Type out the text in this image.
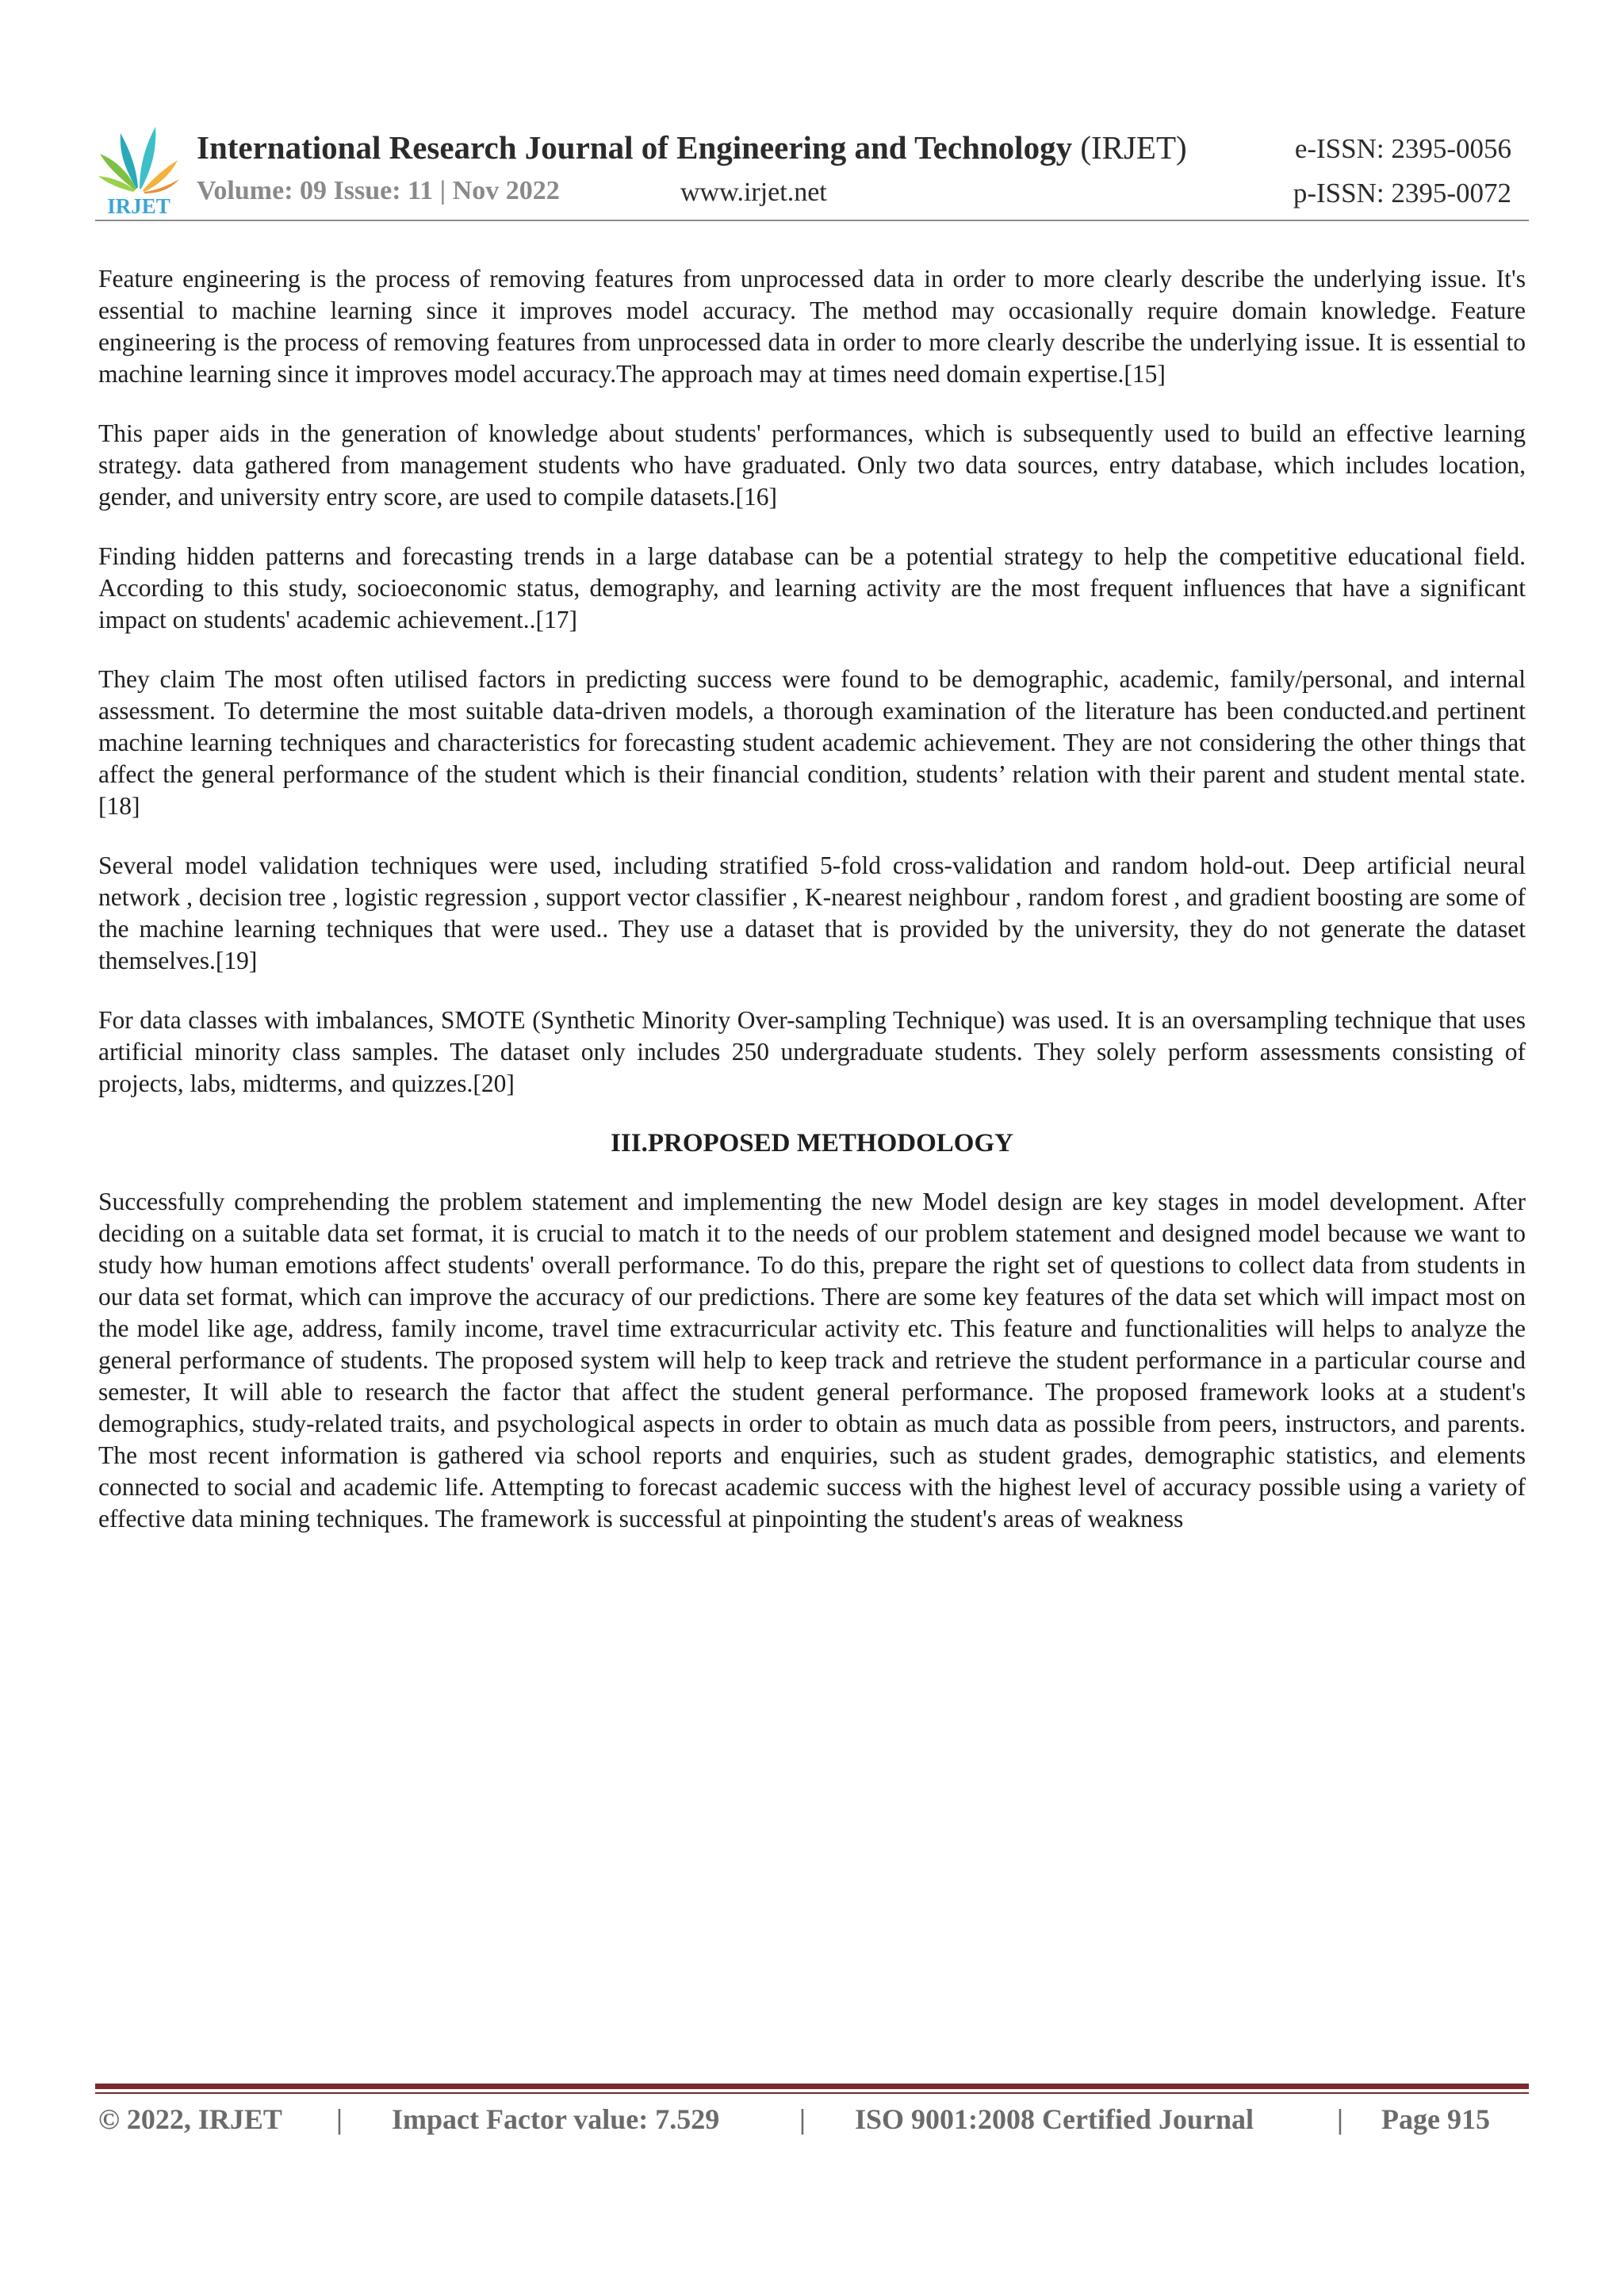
IRJET
International Research Journal of Engineering and Technology (IRJET)	e-ISSN: 2395-0056
Volume: 09 Issue: 11 | Nov 2022	www.irjet.net	p-ISSN: 2395-0072

Feature engineering is the process of removing features from unprocessed data in order to more clearly describe the underlying issue. It's essential to machine learning since it improves model accuracy. The method may occasionally require domain knowledge. Feature engineering is the process of removing features from unprocessed data in order to more clearly describe the underlying issue. It is essential to machine learning since it improves model accuracy.The approach may at times need domain expertise.[15]

This paper aids in the generation of knowledge about students' performances, which is subsequently used to build an effective learning strategy. data gathered from management students who have graduated. Only two data sources, entry database, which includes location, gender, and university entry score, are used to compile datasets.[16]

Finding hidden patterns and forecasting trends in a large database can be a potential strategy to help the competitive educational field. According to this study, socioeconomic status, demography, and learning activity are the most frequent influences that have a significant impact on students' academic achievement..[17]

They claim The most often utilised factors in predicting success were found to be demographic, academic, family/personal, and internal assessment. To determine the most suitable data-driven models, a thorough examination of the literature has been conducted.and pertinent machine learning techniques and characteristics for forecasting student academic achievement. They are not considering the other things that affect the general performance of the student which is their financial condition, students’ relation with their parent and student mental state. [18]

Several model validation techniques were used, including stratified 5-fold cross-validation and random hold-out. Deep artificial neural network , decision tree , logistic regression , support vector classifier , K-nearest neighbour , random forest , and gradient boosting are some of the machine learning techniques that were used.. They use a dataset that is provided by the university, they do not generate the dataset themselves.[19]

For data classes with imbalances, SMOTE (Synthetic Minority Over-sampling Technique) was used. It is an oversampling technique that uses artificial minority class samples. The dataset only includes 250 undergraduate students. They solely perform assessments consisting of projects, labs, midterms, and quizzes.[20]

III.PROPOSED METHODOLOGY

Successfully comprehending the problem statement and implementing the new Model design are key stages in model development. After deciding on a suitable data set format, it is crucial to match it to the needs of our problem statement and designed model because we want to study how human emotions affect students' overall performance. To do this, prepare the right set of questions to collect data from students in our data set format, which can improve the accuracy of our predictions. There are some key features of the data set which will impact most on the model like age, address, family income, travel time extracurricular activity etc. This feature and functionalities will helps to analyze the general performance of students. The proposed system will help to keep track and retrieve the student performance in a particular course and semester, It will able to research the factor that affect the student general performance. The proposed framework looks at a student's demographics, study-related traits, and psychological aspects in order to obtain as much data as possible from peers, instructors, and parents. The most recent information is gathered via school reports and enquiries, such as student grades, demographic statistics, and elements connected to social and academic life. Attempting to forecast academic success with the highest level of accuracy possible using a variety of effective data mining techniques. The framework is successful at pinpointing the student's areas of weakness

© 2022, IRJET | Impact Factor value: 7.529	| ISO 9001:2008 Certified Journal	| Page 915
